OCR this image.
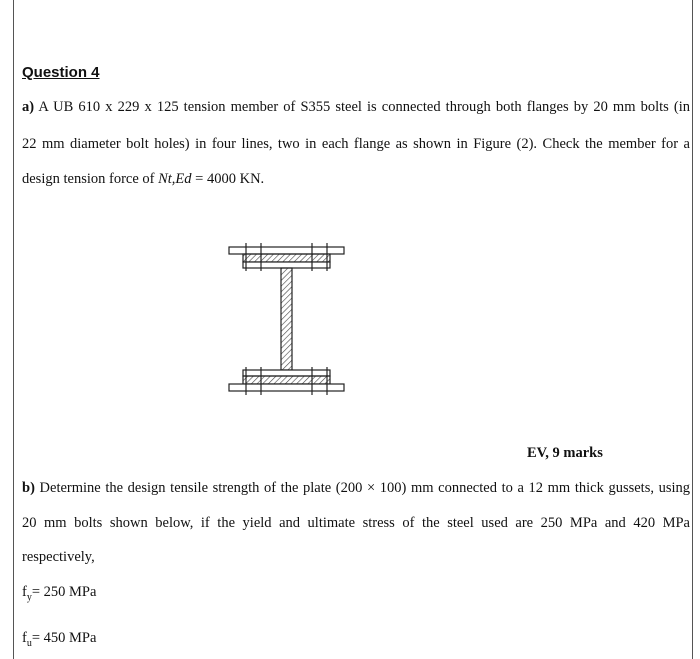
Question 4
a) A UB 610 x 229 x 125 tension member of S355 steel is connected through both flanges by 20 mm bolts (in
22 mm diameter bolt holes) in four lines, two in each flange as shown in Figure (2). Check the member for a
design tension force of Nt,Ed = 4000 KN.
EV, 9 marks
b) Determine the design tensile strength of the plate (200 × 100) mm connected to a 12 mm thick gussets, using
20 mm bolts shown below, if the yield and ultimate stress of the steel used are 250 MPa and 420 MPa
respectively,
$f_y= 250$ MPa
$f_u= 450$ MPa
